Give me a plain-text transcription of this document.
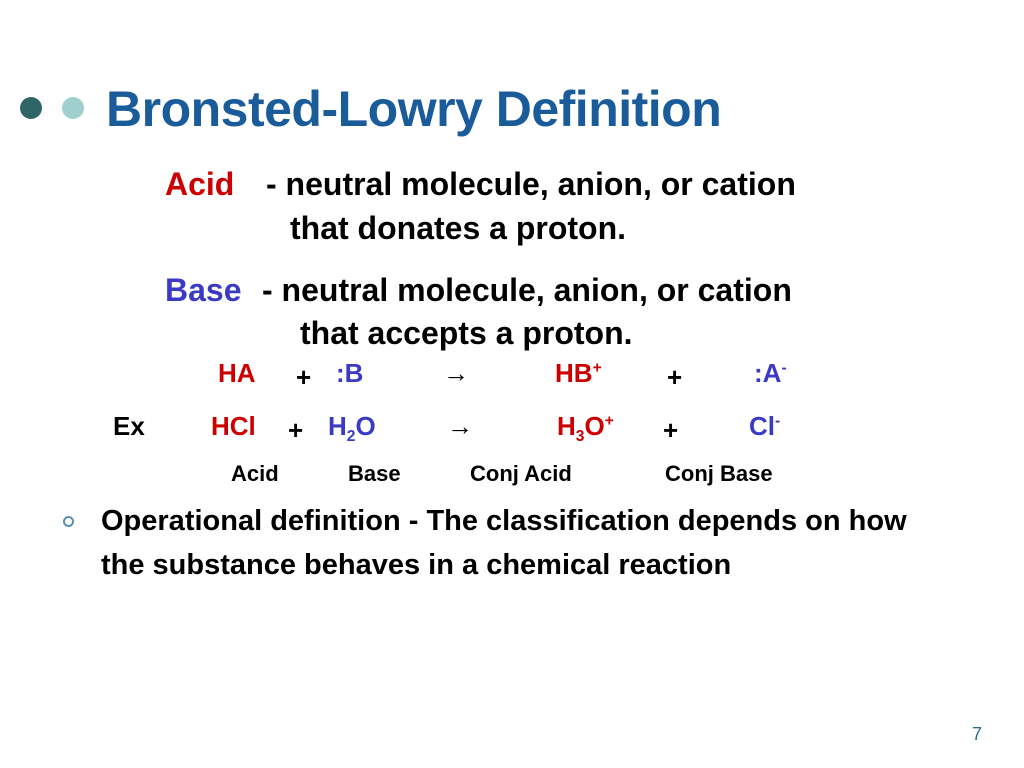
Bronsted-Lowry Definition
Acid - neutral molecule, anion, or cation
that donates a proton.
Base - neutral molecule, anion, or cation
that accepts a proton.
HA + :B	→	HB+	+	:A-
Ex	HCl + $H_2O$	→	$H_3O^+$ +	Cl-
Acid	Base	Conj Acid	Conj Base
Operational definition - The classification depends on how the substance behaves in a chemical reaction
7
